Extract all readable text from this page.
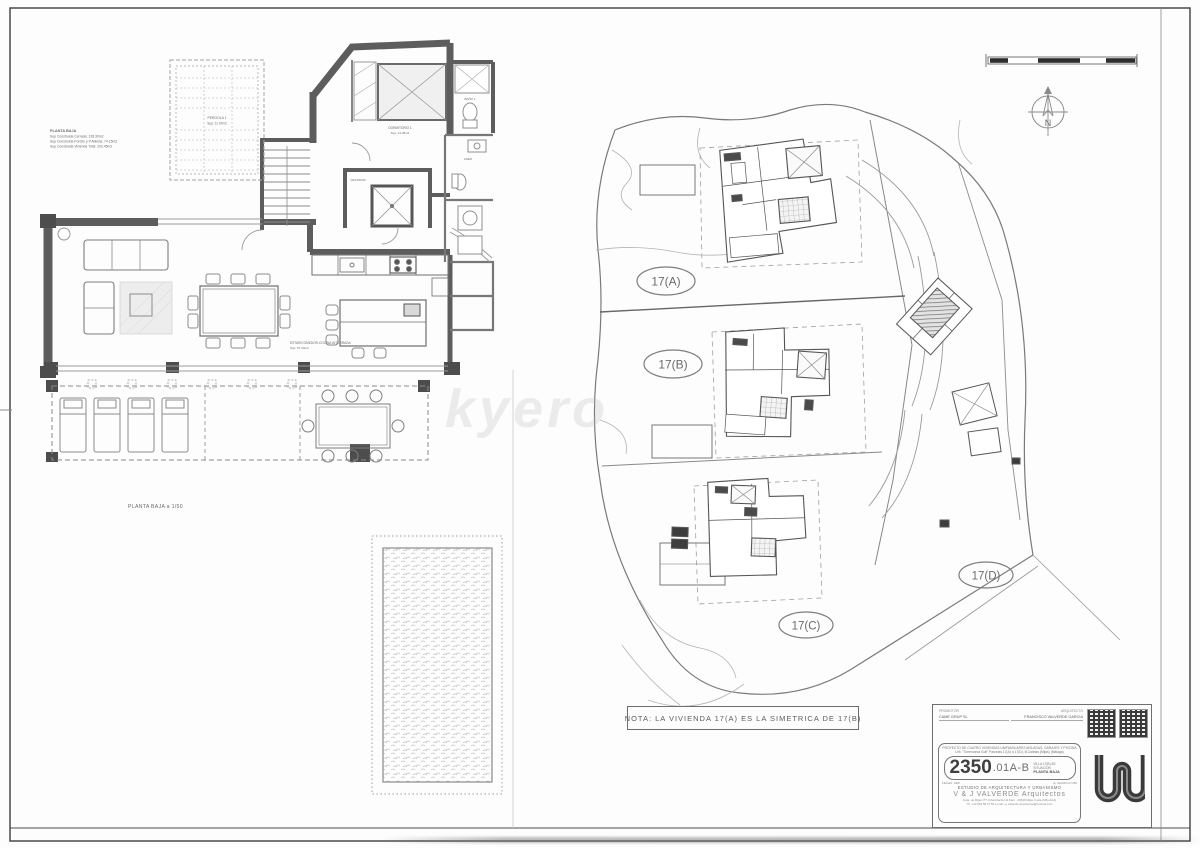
PLANTA BAJA
Sup Construida Cerrada: 128.30m2
Sup Construida Porche y P.Abierta: 74.15m2
Sup Construida Vivienda Total: 202.45m2
PERGOLA 1
Sup: 11.97m2
DORMITORIO 1
Sup: 14.35m2
BAÑO 1
ASEO
VESTIDOR
ESTAR/COMEDOR-COCINA INTEGRADA
Sup: 57.34m2
PLANTA BAJA a 1/50
17(A)
17(B)
17(C)
17(D)
N
kyero
NOTA: LA VIVIENDA 17(A) ES LA SIMETRICA DE 17(B)
PROMOTOR
CAME GRUP SL
ARQUITECTO
FRANCISCO VALVERDE GARCIA
PROYECTO DE CUATRO VIVIENDAS UNIFAMILIARES AISLADAS, GARAJES Y PISCINA
Urb. "Torrenueva Golf" Parcelas 17(A) a 17(D), B.Caletas (Mijas) (Málaga)
2350 .01A-B VILLA 17(B)-B2
SITUACION
PLANTA BAJA
FECHA: FEB	E. GRAFICA 1/50
ESTUDIO DE ARQUITECTURA Y URBANISMO
V & J VALVERDE Arquitectos
Avda. de Mijas Nº7 Urbanización El Faro - 29649 Mijas Costa (MALAGA)
Tlf: +34 952 58 37 56 e-mail: v.j.valverde.arquitectos@hotmail.com
